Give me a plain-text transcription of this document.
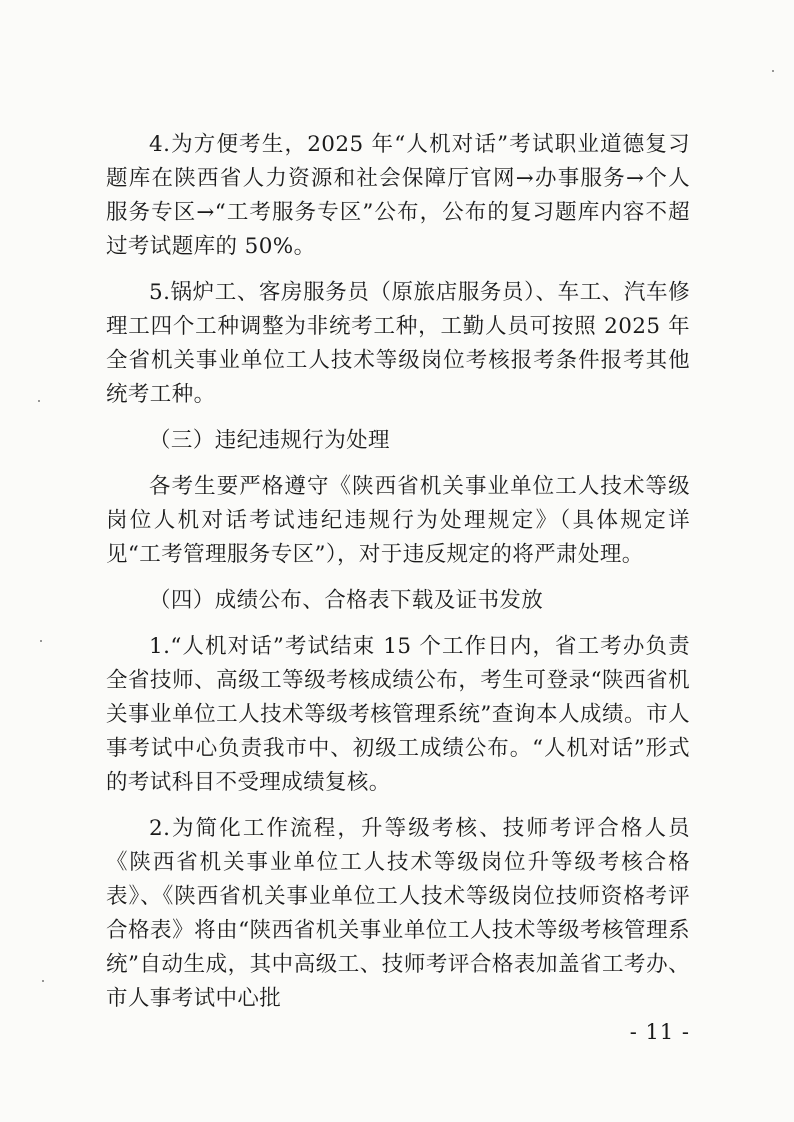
4.为方便考生，2025 年“人机对话”考试职业道德复习题库在陕西省人力资源和社会保障厅官网→办事服务→个人服务专区→“工考服务专区”公布，公布的复习题库内容不超过考试题库的 50%。

5.锅炉工、客房服务员（原旅店服务员）、车工、汽车修理工四个工种调整为非统考工种，工勤人员可按照 2025 年全省机关事业单位工人技术等级岗位考核报考条件报考其他统考工种。

（三）违纪违规行为处理

各考生要严格遵守《陕西省机关事业单位工人技术等级岗位人机对话考试违纪违规行为处理规定》（具体规定详见“工考管理服务专区”），对于违反规定的将严肃处理。

（四）成绩公布、合格表下载及证书发放

1.“人机对话”考试结束 15 个工作日内，省工考办负责全省技师、高级工等级考核成绩公布，考生可登录“陕西省机关事业单位工人技术等级考核管理系统”查询本人成绩。市人事考试中心负责我市中、初级工成绩公布。“人机对话”形式的考试科目不受理成绩复核。

2.为简化工作流程，升等级考核、技师考评合格人员《陕西省机关事业单位工人技术等级岗位升等级考核合格表》、《陕西省机关事业单位工人技术等级岗位技师资格考评合格表》将由“陕西省机关事业单位工人技术等级考核管理系统”自动生成，其中高级工、技师考评合格表加盖省工考办、市人事考试中心批

- 11 -
